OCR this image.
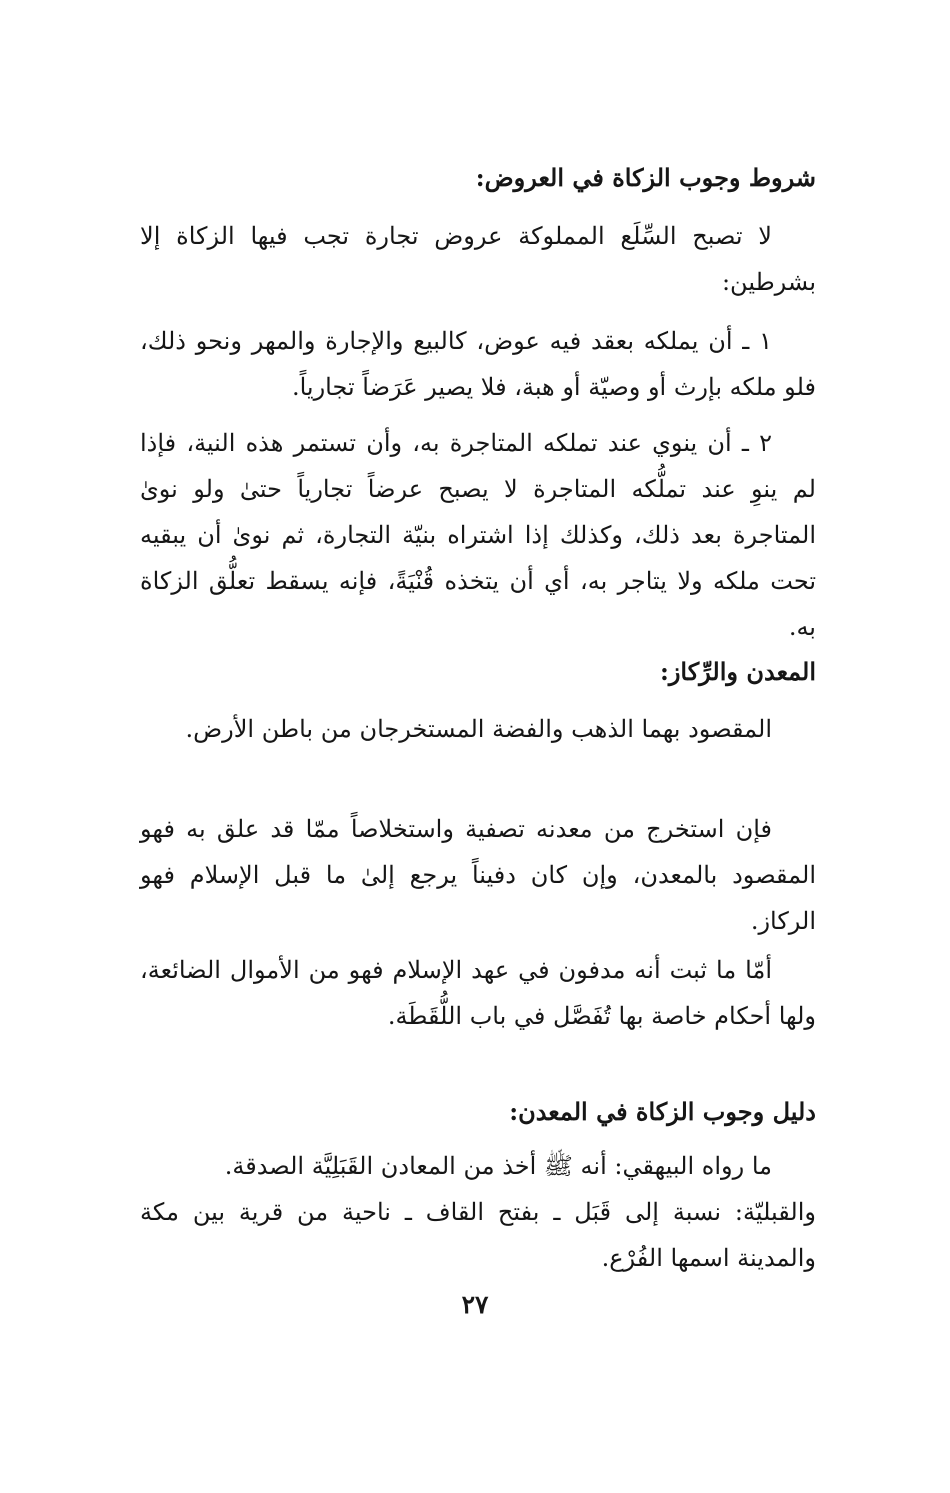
شروط وجوب الزكاة في العروض:
لا تصبح السِّلَع المملوكة عروض تجارة تجب فيها الزكاة إلا بشرطين:
١ ـ أن يملكه بعقد فيه عوض، كالبيع والإجارة والمهر ونحو ذلك، فلو ملكه بإرث أو وصيّة أو هبة، فلا يصير عَرَضاً تجارياً.
٢ ـ أن ينوي عند تملكه المتاجرة به، وأن تستمر هذه النية، فإذا لم ينوِ عند تملُّكه المتاجرة لا يصبح عرضاً تجارياً حتىٰ ولو نوىٰ المتاجرة بعد ذلك، وكذلك إذا اشتراه بنيّة التجارة، ثم نوىٰ أن يبقيه تحت ملكه ولا يتاجر به، أي أن يتخذه قُنْيَةً، فإنه يسقط تعلُّق الزكاة به.
المعدن والرِّكاز:
المقصود بهما الذهب والفضة المستخرجان من باطن الأرض.
فإن استخرج من معدنه تصفية واستخلاصاً ممّا قد علق به فهو المقصود بالمعدن، وإن كان دفيناً يرجع إلىٰ ما قبل الإسلام فهو الركاز.
أمّا ما ثبت أنه مدفون في عهد الإسلام فهو من الأموال الضائعة، ولها أحكام خاصة بها تُفَصَّل في باب اللُّقَطَة.
دليل وجوب الزكاة في المعدن:
ما رواه البيهقي: أنه ﷺ أخذ من المعادن القَبَلِيَّة الصدقة.
والقبليّة: نسبة إلى قَبَل ـ بفتح القاف ـ ناحية من قرية بين مكة والمدينة اسمها الفُرْع.
٢٧
